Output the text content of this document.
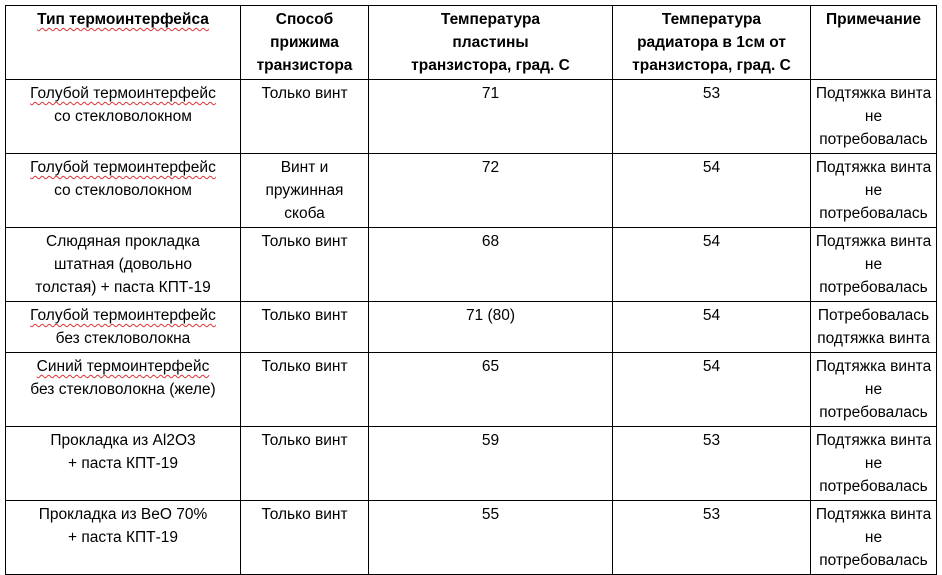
Тип термоинтерфейса	Способ
прижима
транзистора	Температура
пластины
транзистора, град. С	Температура
радиатора в 1см от
транзистора, град. С	Примечание

Голубой термоинтерфейс
со стекловолокном	Только винт	71	53	Подтяжка винта
не потребовалась

Голубой термоинтерфейс
со стекловолокном	Винт и
пружинная
скоба	72	54	Подтяжка винта
не потребовалась

Слюдяная прокладка
штатная (довольно
толстая) + паста КПТ-19	Только винт	68	54	Подтяжка винта
не потребовалась

Голубой термоинтерфейс
без стекловолокна	Только винт	71 (80)	54	Потребовалась
подтяжка винта

Синий термоинтерфейс
без стекловолокна (желе)	Только винт	65	54	Подтяжка винта
не потребовалась

Прокладка из Al2O3
+ паста КПТ-19	Только винт	59	53	Подтяжка винта
не потребовалась

Прокладка из BeO 70%
+ паста КПТ-19	Только винт	55	53	Подтяжка винта
не потребовалась
